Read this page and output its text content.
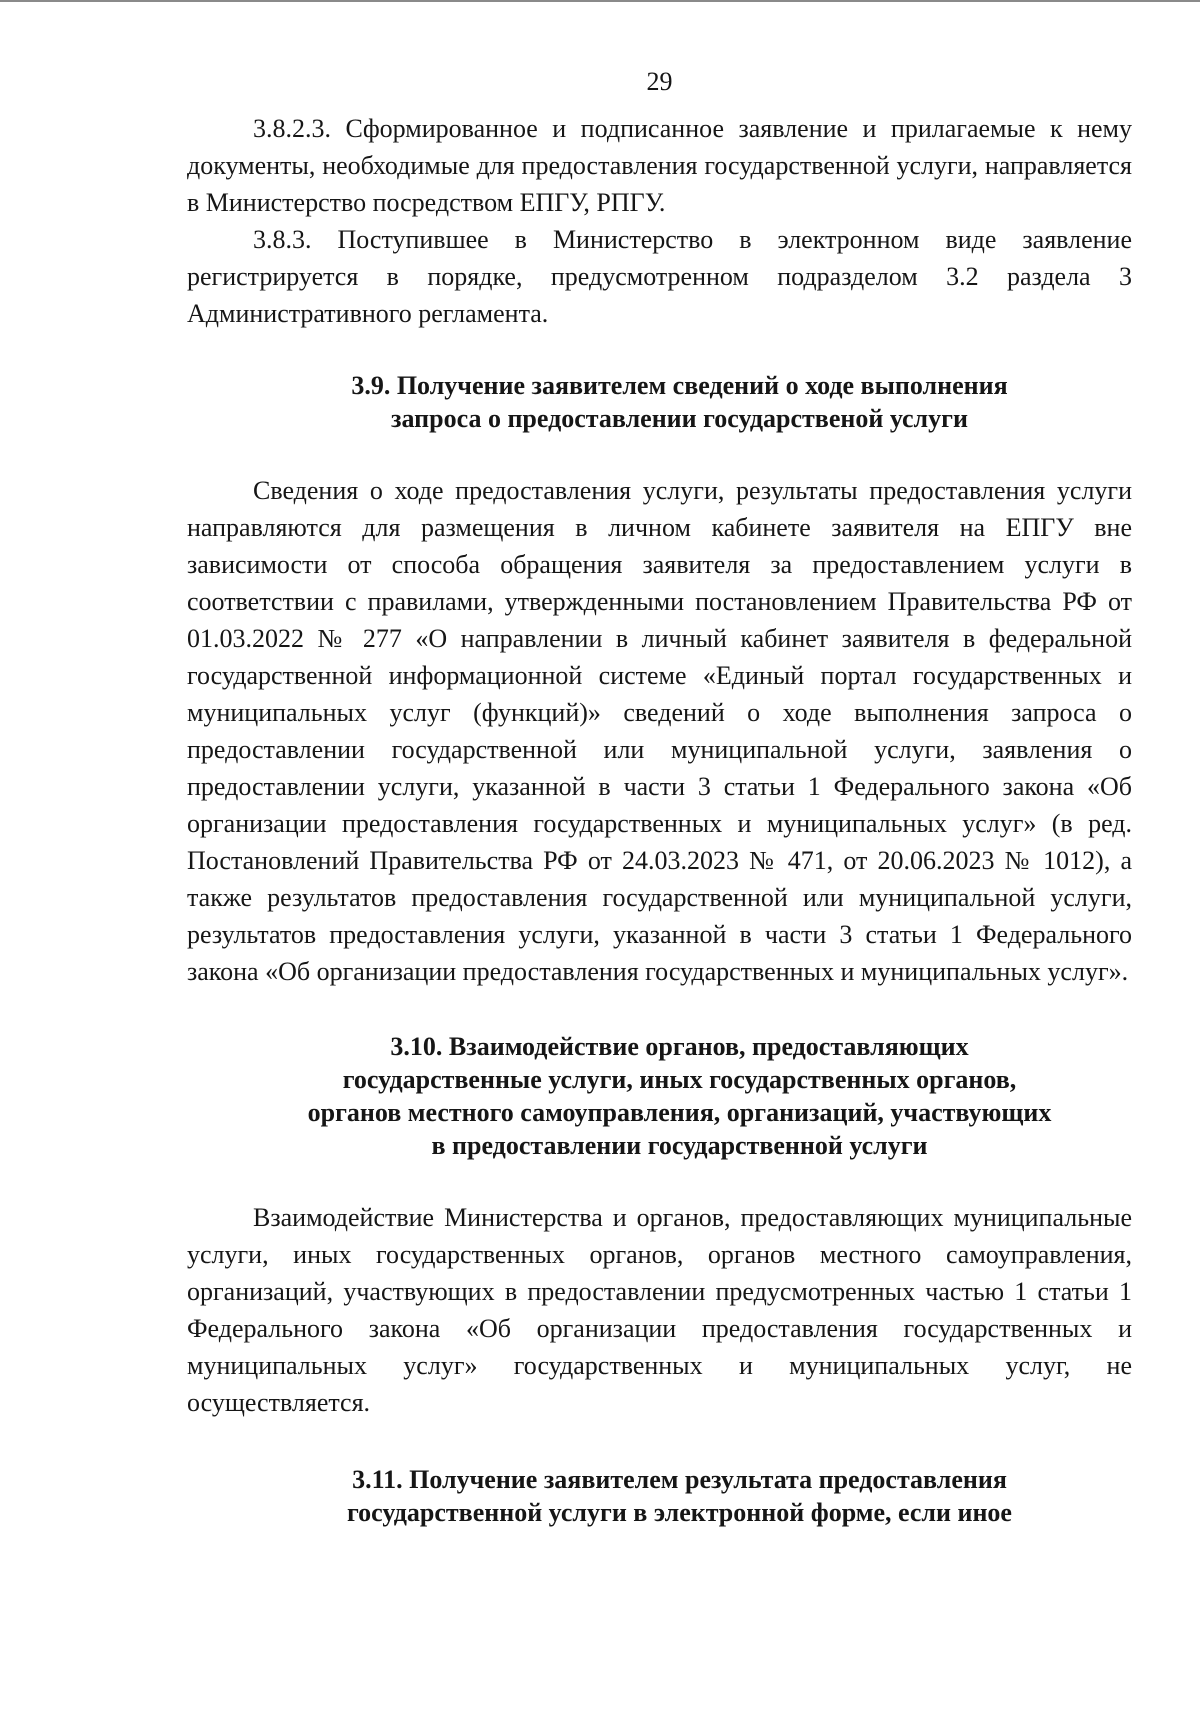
29

3.8.2.3. Сформированное и подписанное заявление и прилагаемые к нему документы, необходимые для предоставления государственной услуги, направляется в Министерство посредством ЕПГУ, РПГУ.

3.8.3. Поступившее в Министерство в электронном виде заявление регистрируется в порядке, предусмотренном подразделом 3.2 раздела 3 Административного регламента.

3.9. Получение заявителем сведений о ходе выполнения
запроса о предоставлении государственой услуги

Сведения о ходе предоставления услуги, результаты предоставления услуги направляются для размещения в личном кабинете заявителя на ЕПГУ вне зависимости от способа обращения заявителя за предоставлением услуги в соответствии с правилами, утвержденными постановлением Правительства РФ от 01.03.2022 № 277 «О направлении в личный кабинет заявителя в федеральной государственной информационной системе «Единый портал государственных и муниципальных услуг (функций)» сведений о ходе выполнения запроса о предоставлении государственной или муниципальной услуги, заявления о предоставлении услуги, указанной в части 3 статьи 1 Федерального закона «Об организации предоставления государственных и муниципальных услуг» (в ред. Постановлений Правительства РФ от 24.03.2023 № 471, от 20.06.2023 № 1012), а также результатов предоставления государственной или муниципальной услуги, результатов предоставления услуги, указанной в части 3 статьи 1 Федерального закона «Об организации предоставления государственных и муниципальных услуг».

3.10. Взаимодействие органов, предоставляющих
государственные услуги, иных государственных органов,
органов местного самоуправления, организаций, участвующих
в предоставлении государственной услуги

Взаимодействие Министерства и органов, предоставляющих муниципальные услуги, иных государственных органов, органов местного самоуправления, организаций, участвующих в предоставлении предусмотренных частью 1 статьи 1 Федерального закона «Об организации предоставления государственных и муниципальных услуг» государственных и муниципальных услуг, не осуществляется.

3.11. Получение заявителем результата предоставления
государственной услуги в электронной форме, если иное
